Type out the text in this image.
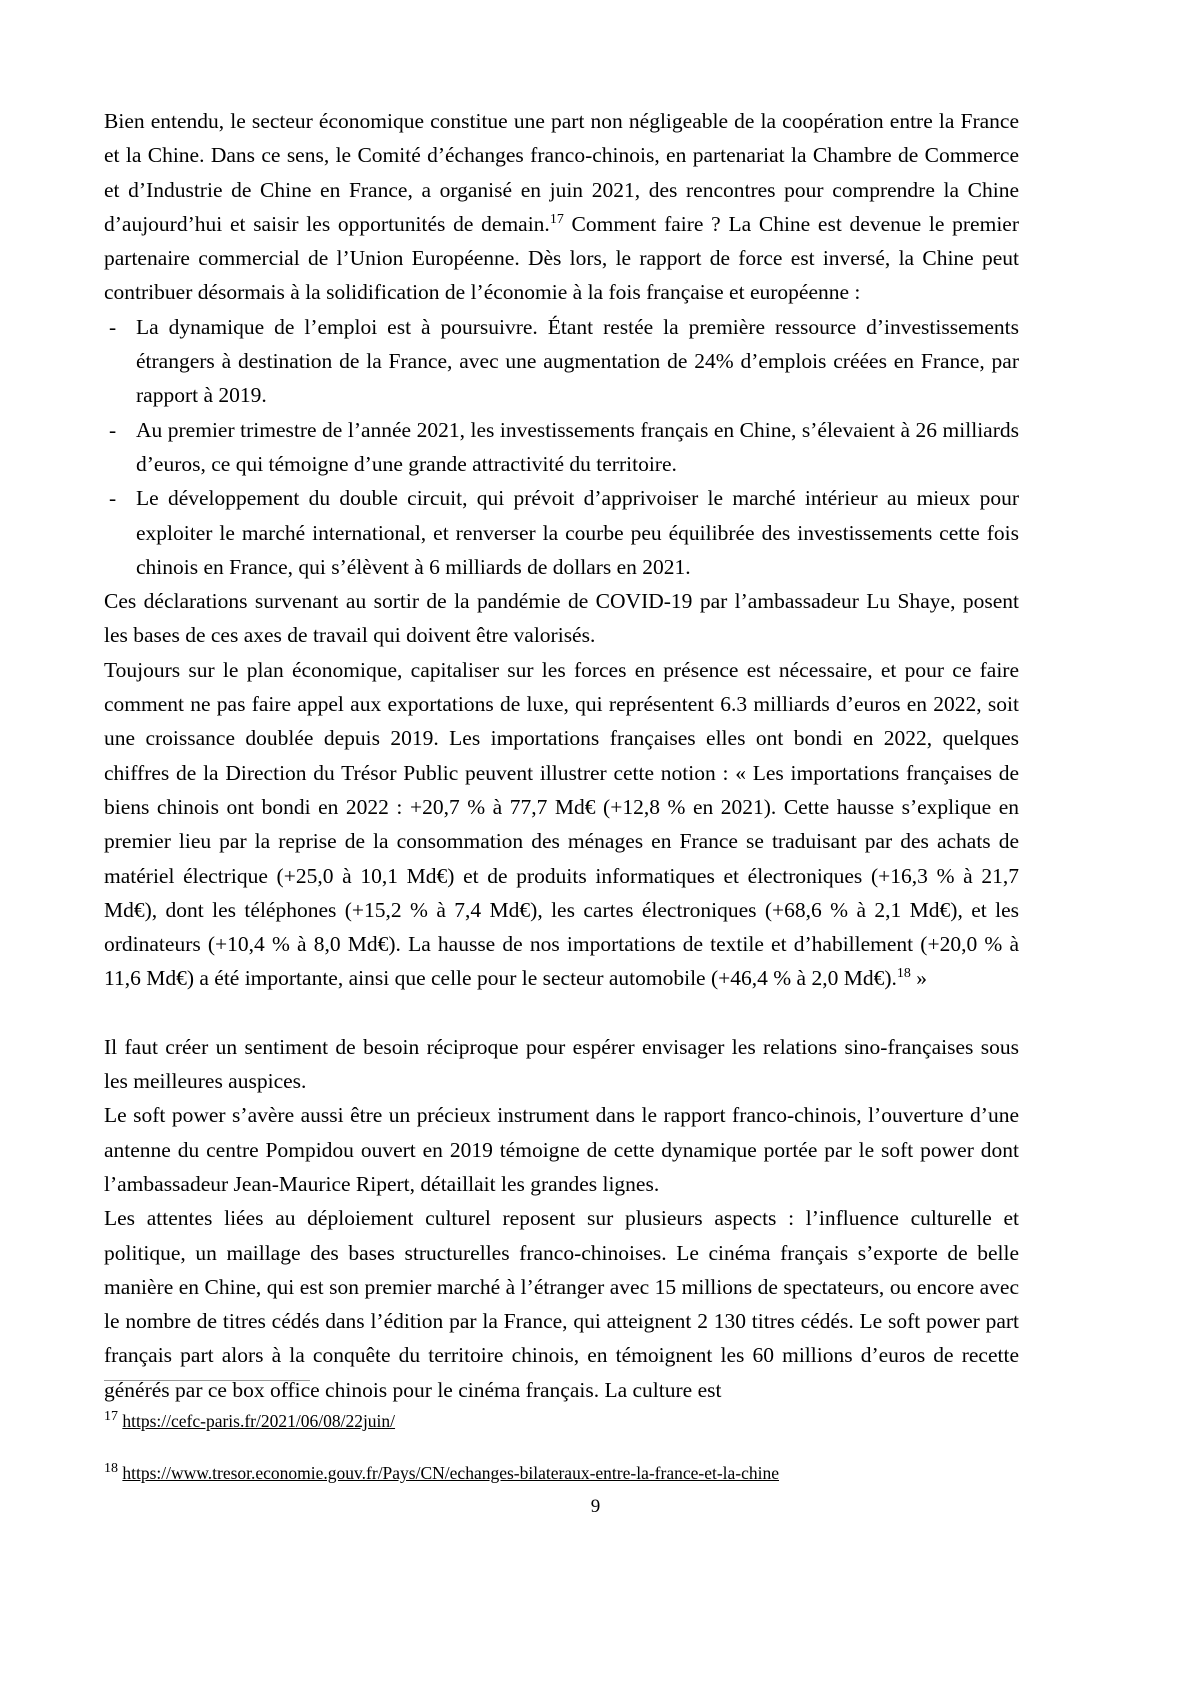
Bien entendu, le secteur économique constitue une part non négligeable de la coopération entre la France et la Chine. Dans ce sens, le Comité d’échanges franco-chinois, en partenariat la Chambre de Commerce et d’Industrie de Chine en France, a organisé en juin 2021, des rencontres pour comprendre la Chine d’aujourd’hui et saisir les opportunités de demain.$^{17}$ Comment faire ? La Chine est devenue le premier partenaire commercial de l’Union Européenne. Dès lors, le rapport de force est inversé, la Chine peut contribuer désormais à la solidification de l’économie à la fois française et européenne :

- La dynamique de l’emploi est à poursuivre. Étant restée la première ressource d’investissements étrangers à destination de la France, avec une augmentation de 24% d’emplois créées en France, par rapport à 2019.
- Au premier trimestre de l’année 2021, les investissements français en Chine, s’élevaient à 26 milliards d’euros, ce qui témoigne d’une grande attractivité du territoire.
- Le développement du double circuit, qui prévoit d’apprivoiser le marché intérieur au mieux pour exploiter le marché international, et renverser la courbe peu équilibrée des investissements cette fois chinois en France, qui s’élèvent à 6 milliards de dollars en 2021.

Ces déclarations survenant au sortir de la pandémie de COVID-19 par l’ambassadeur Lu Shaye, posent les bases de ces axes de travail qui doivent être valorisés.

Toujours sur le plan économique, capitaliser sur les forces en présence est nécessaire, et pour ce faire comment ne pas faire appel aux exportations de luxe, qui représentent 6.3 milliards d’euros en 2022, soit une croissance doublée depuis 2019. Les importations françaises elles ont bondi en 2022, quelques chiffres de la Direction du Trésor Public peuvent illustrer cette notion : « Les importations françaises de biens chinois ont bondi en 2022 : +20,7 % à 77,7 Md€ (+12,8 % en 2021). Cette hausse s’explique en premier lieu par la reprise de la consommation des ménages en France se traduisant par des achats de matériel électrique (+25,0 à 10,1 Md€) et de produits informatiques et électroniques (+16,3 % à 21,7 Md€), dont les téléphones (+15,2 % à 7,4 Md€), les cartes électroniques (+68,6 % à 2,1 Md€), et les ordinateurs (+10,4 % à 8,0 Md€). La hausse de nos importations de textile et d’habillement (+20,0 % à 11,6 Md€) a été importante, ainsi que celle pour le secteur automobile (+46,4 % à 2,0 Md€).$^{18}$ »

Il faut créer un sentiment de besoin réciproque pour espérer envisager les relations sino-françaises sous les meilleures auspices.

Le soft power s’avère aussi être un précieux instrument dans le rapport franco-chinois, l’ouverture d’une antenne du centre Pompidou ouvert en 2019 témoigne de cette dynamique portée par le soft power dont l’ambassadeur Jean-Maurice Ripert, détaillait les grandes lignes.

Les attentes liées au déploiement culturel reposent sur plusieurs aspects : l’influence culturelle et politique, un maillage des bases structurelles franco-chinoises. Le cinéma français s’exporte de belle manière en Chine, qui est son premier marché à l’étranger avec 15 millions de spectateurs, ou encore avec le nombre de titres cédés dans l’édition par la France, qui atteignent 2 130 titres cédés. Le soft power part français part alors à la conquête du territoire chinois, en témoignent les 60 millions d’euros de recette générés par ce box office chinois pour le cinéma français. La culture est

$^{17}$ https://cefc-paris.fr/2021/06/08/22juin/

$^{18}$ https://www.tresor.economie.gouv.fr/Pays/CN/echanges-bilateraux-entre-la-france-et-la-chine

9
